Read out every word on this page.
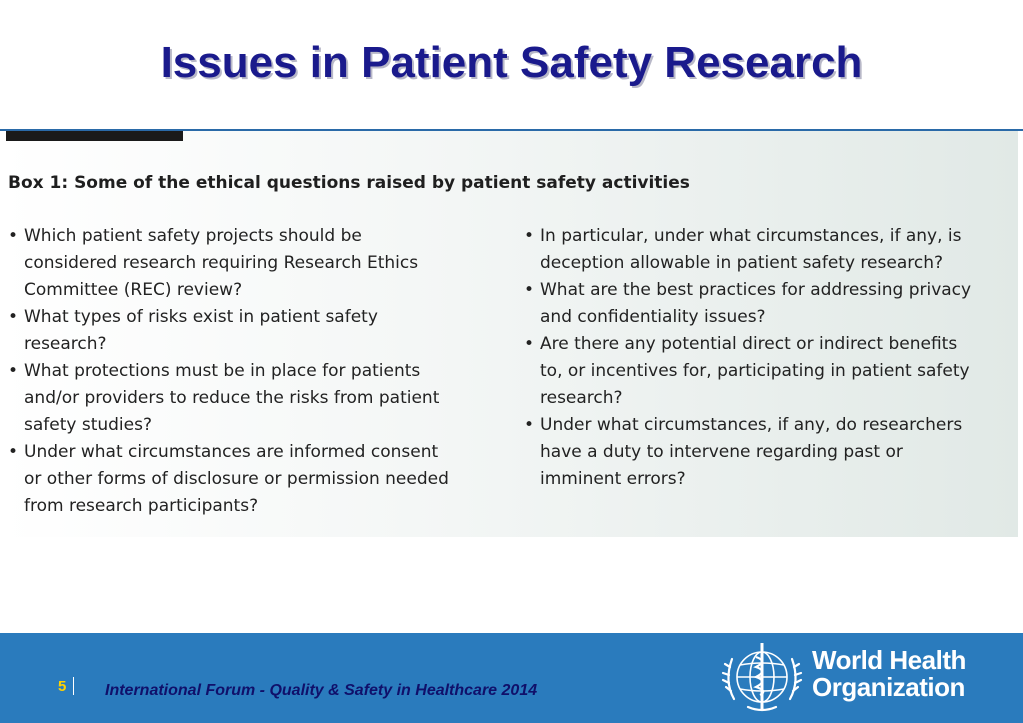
Issues in Patient Safety Research
Box 1: Some of the ethical questions raised by patient safety activities
• Which patient safety projects should be
considered research requiring Research Ethics
Committee (REC) review?
• What types of risks exist in patient safety
research?
• What protections must be in place for patients
and/or providers to reduce the risks from patient
safety studies?
• Under what circumstances are informed consent
or other forms of disclosure or permission needed
from research participants?
• In particular, under what circumstances, if any, is
deception allowable in patient safety research?
• What are the best practices for addressing privacy
and confidentiality issues?
• Are there any potential direct or indirect benefits
to, or incentives for, participating in patient safety
research?
• Under what circumstances, if any, do researchers
have a duty to intervene regarding past or
imminent errors?
5 International Forum - Quality & Safety in Healthcare 2014
World Health
Organization
